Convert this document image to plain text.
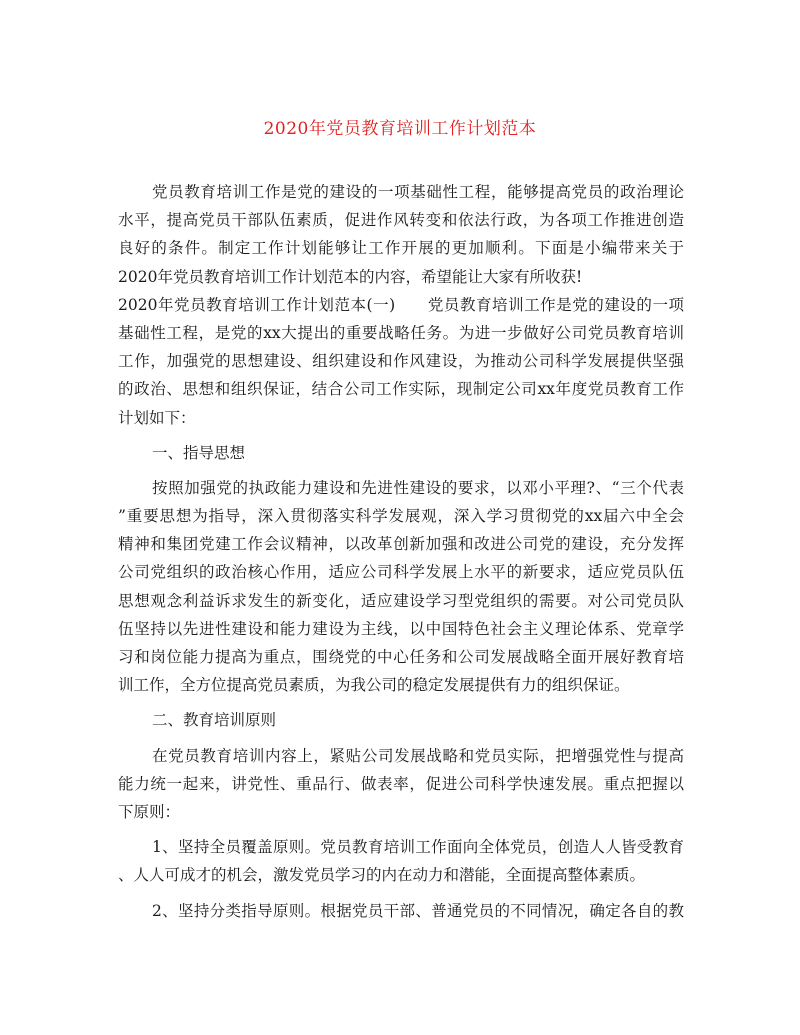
2020年党员教育培训工作计划范本
党员教育培训工作是党的建设的一项基础性工程，能够提高党员的政治理论
水平，提高党员干部队伍素质，促进作风转变和依法行政，为各项工作推进创造
良好的条件。制定工作计划能够让工作开展的更加顺利。下面是小编带来关于
2020年党员教育培训工作计划范本的内容，希望能让大家有所收获!
2020年党员教育培训工作计划范本(一)　　党员教育培训工作是党的建设的一项
基础性工程，是党的xx大提出的重要战略任务。为进一步做好公司党员教育培训
工作，加强党的思想建设、组织建设和作风建设，为推动公司科学发展提供坚强
的政治、思想和组织保证，结合公司工作实际，现制定公司xx年度党员教育工作
计划如下：
一、指导思想
按照加强党的执政能力建设和先进性建设的要求，以邓小平理?、“三个代表
”重要思想为指导，深入贯彻落实科学发展观，深入学习贯彻党的xx届六中全会
精神和集团党建工作会议精神，以改革创新加强和改进公司党的建设，充分发挥
公司党组织的政治核心作用，适应公司科学发展上水平的新要求，适应党员队伍
思想观念利益诉求发生的新变化，适应建设学习型党组织的需要。对公司党员队
伍坚持以先进性建设和能力建设为主线，以中国特色社会主义理论体系、党章学
习和岗位能力提高为重点，围绕党的中心任务和公司发展战略全面开展好教育培
训工作，全方位提高党员素质，为我公司的稳定发展提供有力的组织保证。
二、教育培训原则
在党员教育培训内容上，紧贴公司发展战略和党员实际，把增强党性与提高
能力统一起来，讲党性、重品行、做表率，促进公司科学快速发展。重点把握以
下原则：
1、坚持全员覆盖原则。党员教育培训工作面向全体党员，创造人人皆受教育
、人人可成才的机会，激发党员学习的内在动力和潜能，全面提高整体素质。
2、坚持分类指导原则。根据党员干部、普通党员的不同情况，确定各自的教
